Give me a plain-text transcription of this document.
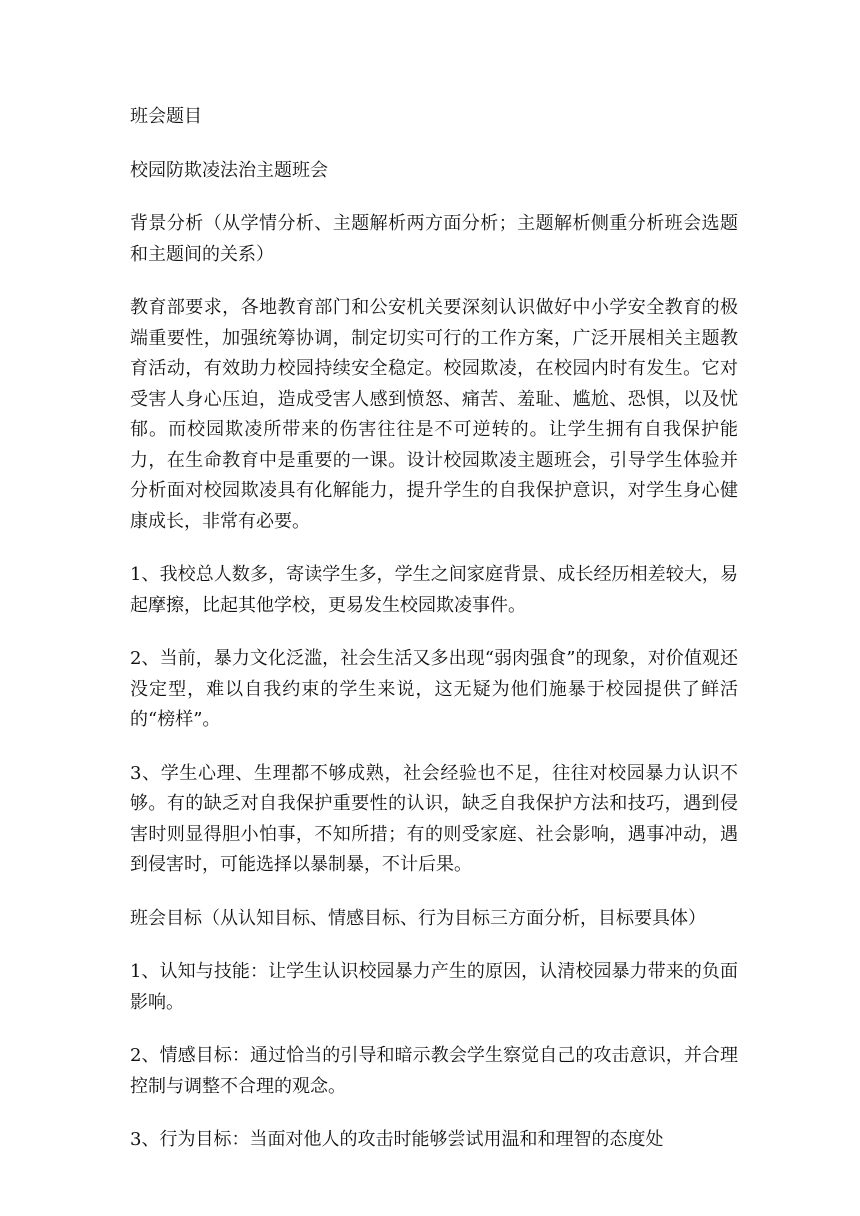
班会题目

校园防欺凌法治主题班会

背景分析（从学情分析、主题解析两方面分析；主题解析侧重分析班会选题和主题间的关系）

教育部要求，各地教育部门和公安机关要深刻认识做好中小学安全教育的极端重要性，加强统筹协调，制定切实可行的工作方案，广泛开展相关主题教育活动，有效助力校园持续安全稳定。校园欺凌，在校园内时有发生。它对受害人身心压迫，造成受害人感到愤怒、痛苦、羞耻、尴尬、恐惧，以及忧郁。而校园欺凌所带来的伤害往往是不可逆转的。让学生拥有自我保护能力，在生命教育中是重要的一课。设计校园欺凌主题班会，引导学生体验并分析面对校园欺凌具有化解能力，提升学生的自我保护意识，对学生身心健康成长，非常有必要。

1、我校总人数多，寄读学生多，学生之间家庭背景、成长经历相差较大，易起摩擦，比起其他学校，更易发生校园欺凌事件。

2、当前，暴力文化泛滥，社会生活又多出现“弱肉强食”的现象，对价值观还没定型，难以自我约束的学生来说，这无疑为他们施暴于校园提供了鲜活的“榜样”。

3、学生心理、生理都不够成熟，社会经验也不足，往往对校园暴力认识不够。有的缺乏对自我保护重要性的认识，缺乏自我保护方法和技巧，遇到侵害时则显得胆小怕事，不知所措；有的则受家庭、社会影响，遇事冲动，遇到侵害时，可能选择以暴制暴，不计后果。

班会目标（从认知目标、情感目标、行为目标三方面分析，目标要具体）

1、认知与技能：让学生认识校园暴力产生的原因，认清校园暴力带来的负面影响。

2、情感目标：通过恰当的引导和暗示教会学生察觉自己的攻击意识，并合理控制与调整不合理的观念。

3、行为目标：当面对他人的攻击时能够尝试用温和和理智的态度处
